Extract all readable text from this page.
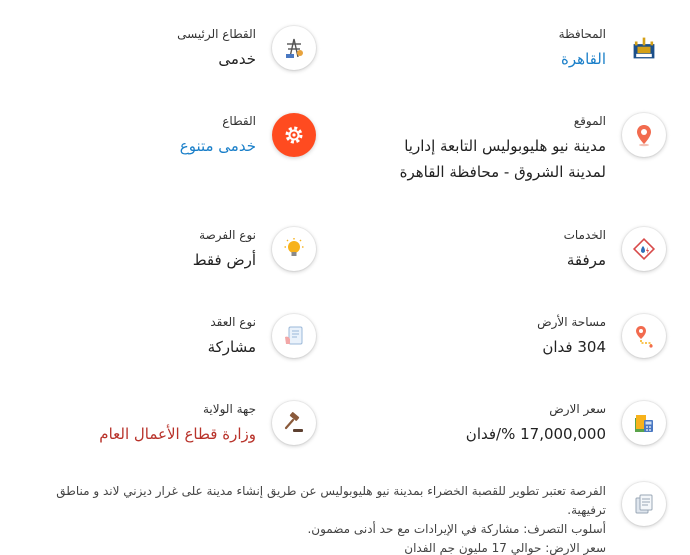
المحافظة
القاهرة
القطاع الرئيسى
خدمى
الموقع
مدينة نيو هليوبوليس التابعة إداريا
لمدينة الشروق - محافظة القاهرة
القطاع
خدمى متنوع
الخدمات
مرفقة
نوع الفرصة
أرض فقط
مساحة الأرض
304 فدان
نوع العقد
مشاركة
سعر الارض
17,000,000 %/فدان
جهة الولاية
وزارة قطاع الأعمال العام

الفرصة تعتبر تطوير للقصبة الخضراء بمدينة نيو هليوبوليس عن طريق إنشاء مدينة على غرار ديزني لاند و مناطق

ترفيهية.

أسلوب التصرف: مشاركة في الإيرادات مع حد أدنى مضمون.

سعر الارض: حوالي 17 مليون جم الفدان
